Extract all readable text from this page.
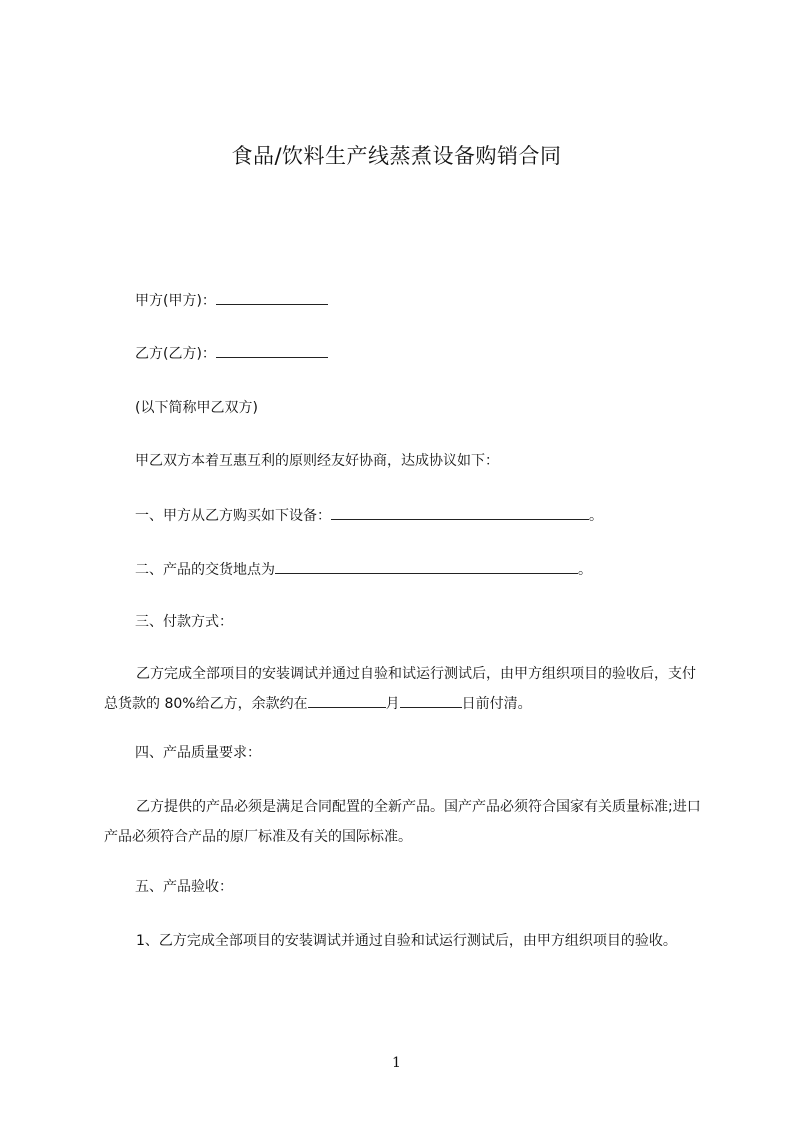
食品/饮料生产线蒸煮设备购销合同
甲方(甲方)：
乙方(乙方)：
(以下简称甲乙双方)
甲乙双方本着互惠互利的原则经友好协商，达成协议如下：
一、甲方从乙方购买如下设备：	。
二、产品的交货地点为	。
三、付款方式：
乙方完成全部项目的安装调试并通过自验和试运行测试后，由甲方组织项目的验收后，支付总货款的 80%给乙方，余款约在	月	日前付清。
四、产品质量要求：
乙方提供的产品必须是满足合同配置的全新产品。国产产品必须符合国家有关质量标准;进口产品必须符合产品的原厂标准及有关的国际标准。
五、产品验收：
1、乙方完成全部项目的安装调试并通过自验和试运行测试后，由甲方组织项目的验收。
1
